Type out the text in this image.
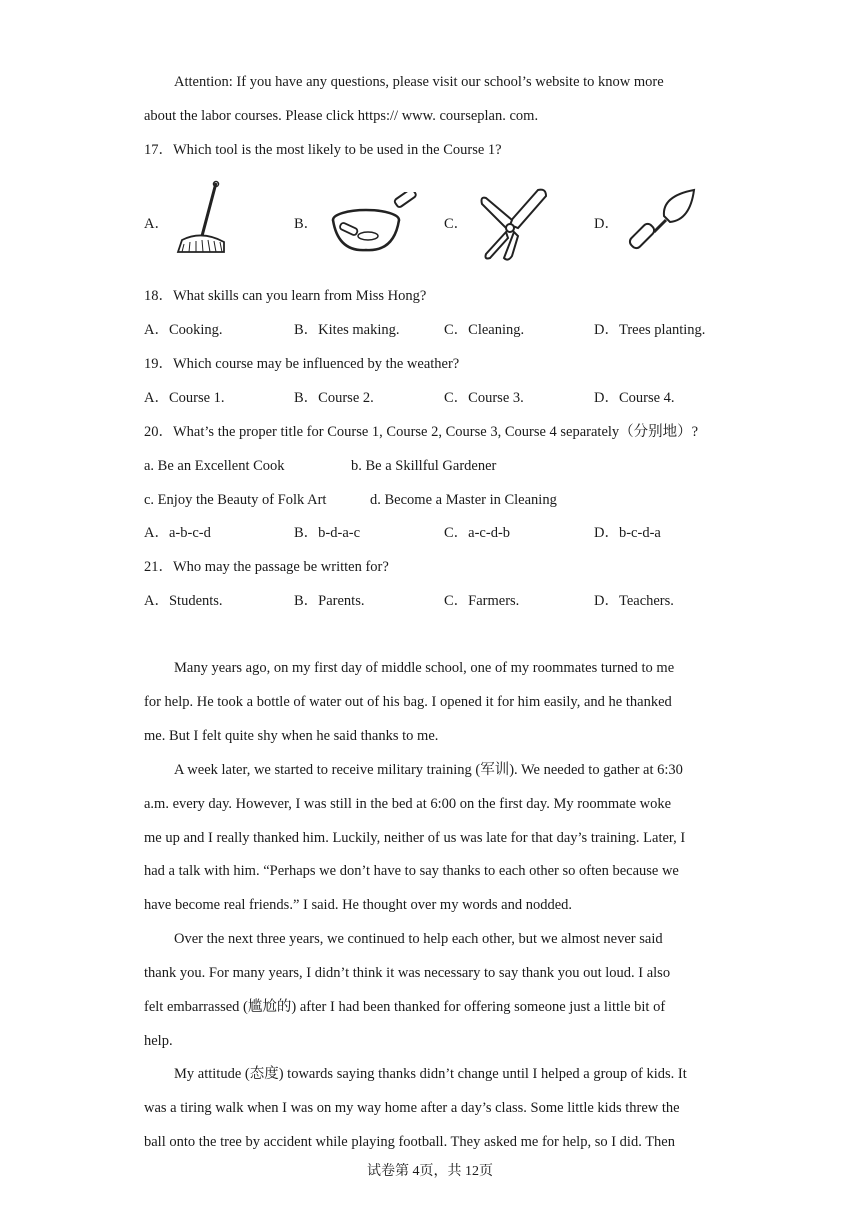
Attention: If you have any questions, please visit our school’s website to know more
about the labor courses. Please click https:// www. courseplan. com.
17．Which tool is the most likely to be used in the Course 1?
A．	B．	C．	D．
18．What skills can you learn from Miss Hong?
A．Cooking.	B．Kites making.	C．Cleaning.	D．Trees planting.
19．Which course may be influenced by the weather?
A．Course 1.	B．Course 2.	C．Course 3.	D．Course 4.
20．What’s the proper title for Course 1, Course 2, Course 3, Course 4 separately（分别地）?
a. Be an Excellent Cook	b. Be a Skillful Gardener
c. Enjoy the Beauty of Folk Art	d. Become a Master in Cleaning
A．a-b-c-d	B．b-d-a-c	C．a-c-d-b	D．b-c-d-a
21．Who may the passage be written for?
A．Students.	B．Parents.	C．Farmers.	D．Teachers.
Many years ago, on my first day of middle school, one of my roommates turned to me
for help. He took a bottle of water out of his bag. I opened it for him easily, and he thanked
me. But I felt quite shy when he said thanks to me.
A week later, we started to receive military training (军训). We needed to gather at 6:30
a.m. every day. However, I was still in the bed at 6:00 on the first day. My roommate woke
me up and I really thanked him. Luckily, neither of us was late for that day’s training. Later, I
had a talk with him. “Perhaps we don’t have to say thanks to each other so often because we
have become real friends.” I said. He thought over my words and nodded.
Over the next three years, we continued to help each other, but we almost never said
thank you. For many years, I didn’t think it was necessary to say thank you out loud. I also
felt embarrassed (尴尬的) after I had been thanked for offering someone just a little bit of
help.
My attitude (态度) towards saying thanks didn’t change until I helped a group of kids. It
was a tiring walk when I was on my way home after a day’s class. Some little kids threw the
ball onto the tree by accident while playing football. They asked me for help, so I did. Then
试卷第 4页，共 12页
